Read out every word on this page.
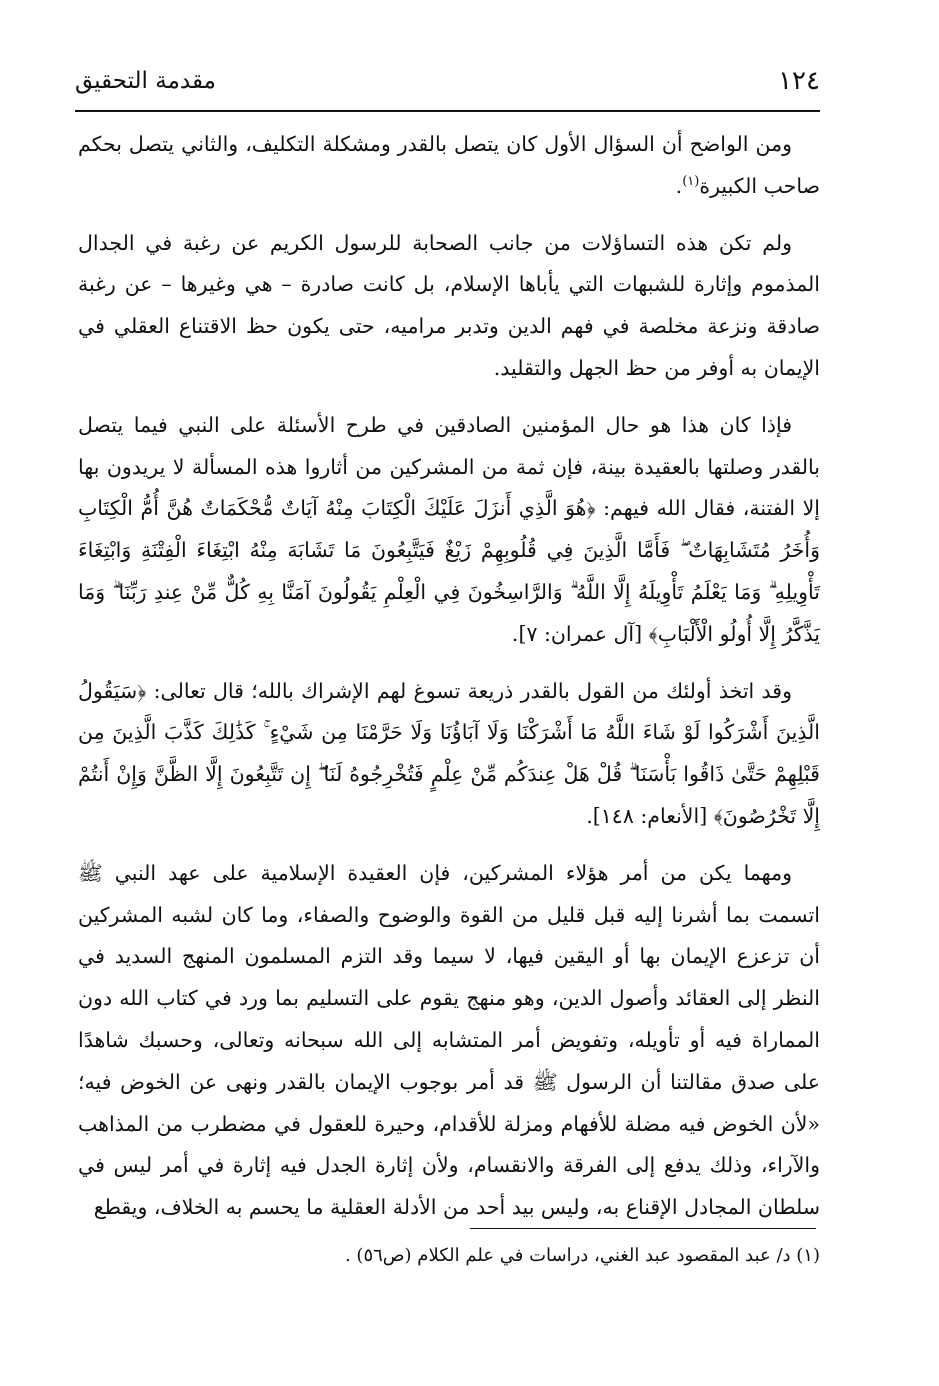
١٢٤
مقدمة التحقيق

ومن الواضح أن السؤال الأول كان يتصل بالقدر ومشكلة التكليف، والثاني يتصل بحكم صاحب الكبيرة$^{(١)}$.

ولم تكن هذه التساؤلات من جانب الصحابة للرسول الكريم عن رغبة في الجدال المذموم وإثارة للشبهات التي يأباها الإسلام، بل كانت صادرة – هي وغيرها – عن رغبة صادقة ونزعة مخلصة في فهم الدين وتدبر مراميه، حتى يكون حظ الاقتناع العقلي في الإيمان به أوفر من حظ الجهل والتقليد.

فإذا كان هذا هو حال المؤمنين الصادقين في طرح الأسئلة على النبي فيما يتصل بالقدر وصلتها بالعقيدة بينة، فإن ثمة من المشركين من أثاروا هذه المسألة لا يريدون بها إلا الفتنة، فقال الله فيهم: ﴿هُوَ الَّذِي أَنزَلَ عَلَيْكَ الْكِتَابَ مِنْهُ آيَاتٌ مُّحْكَمَاتٌ هُنَّ أُمُّ الْكِتَابِ وَأُخَرُ مُتَشَابِهَاتٌ ۖ فَأَمَّا الَّذِينَ فِي قُلُوبِهِمْ زَيْغٌ فَيَتَّبِعُونَ مَا تَشَابَهَ مِنْهُ ابْتِغَاءَ الْفِتْنَةِ وَابْتِغَاءَ تَأْوِيلِهِ ۗ وَمَا يَعْلَمُ تَأْوِيلَهُ إِلَّا اللَّهُ ۗ وَالرَّاسِخُونَ فِي الْعِلْمِ يَقُولُونَ آمَنَّا بِهِ كُلٌّ مِّنْ عِندِ رَبِّنَا ۗ وَمَا يَذَّكَّرُ إِلَّا أُولُو الْأَلْبَابِ﴾ [آل عمران: ٧].

وقد اتخذ أولئك من القول بالقدر ذريعة تسوغ لهم الإشراك بالله؛ قال تعالى: ﴿سَيَقُولُ الَّذِينَ أَشْرَكُوا لَوْ شَاءَ اللَّهُ مَا أَشْرَكْنَا وَلَا آبَاؤُنَا وَلَا حَرَّمْنَا مِن شَيْءٍ ۚ كَذَٰلِكَ كَذَّبَ الَّذِينَ مِن قَبْلِهِمْ حَتَّىٰ ذَاقُوا بَأْسَنَا ۗ قُلْ هَلْ عِندَكُم مِّنْ عِلْمٍ فَتُخْرِجُوهُ لَنَا ۖ إِن تَتَّبِعُونَ إِلَّا الظَّنَّ وَإِنْ أَنتُمْ إِلَّا تَخْرُصُونَ﴾ [الأنعام: ١٤٨].

ومهما يكن من أمر هؤلاء المشركين، فإن العقيدة الإسلامية على عهد النبي ﷺ اتسمت بما أشرنا إليه قبل قليل من القوة والوضوح والصفاء، وما كان لشبه المشركين أن تزعزع الإيمان بها أو اليقين فيها، لا سيما وقد التزم المسلمون المنهج السديد في النظر إلى العقائد وأصول الدين، وهو منهج يقوم على التسليم بما ورد في كتاب الله دون المماراة فيه أو تأويله، وتفويض أمر المتشابه إلى الله سبحانه وتعالى، وحسبك شاهدًا على صدق مقالتنا أن الرسول ﷺ قد أمر بوجوب الإيمان بالقدر ونهى عن الخوض فيه؛ «لأن الخوض فيه مضلة للأفهام ومزلة للأقدام، وحيرة للعقول في مضطرب من المذاهب والآراء، وذلك يدفع إلى الفرقة والانقسام، ولأن إثارة الجدل فيه إثارة في أمر ليس في سلطان المجادل الإقناع به، وليس بيد أحد من الأدلة العقلية ما يحسم به الخلاف، ويقطع

(١) د/ عبد المقصود عبد الغني، دراسات في علم الكلام (ص٥٦) .
